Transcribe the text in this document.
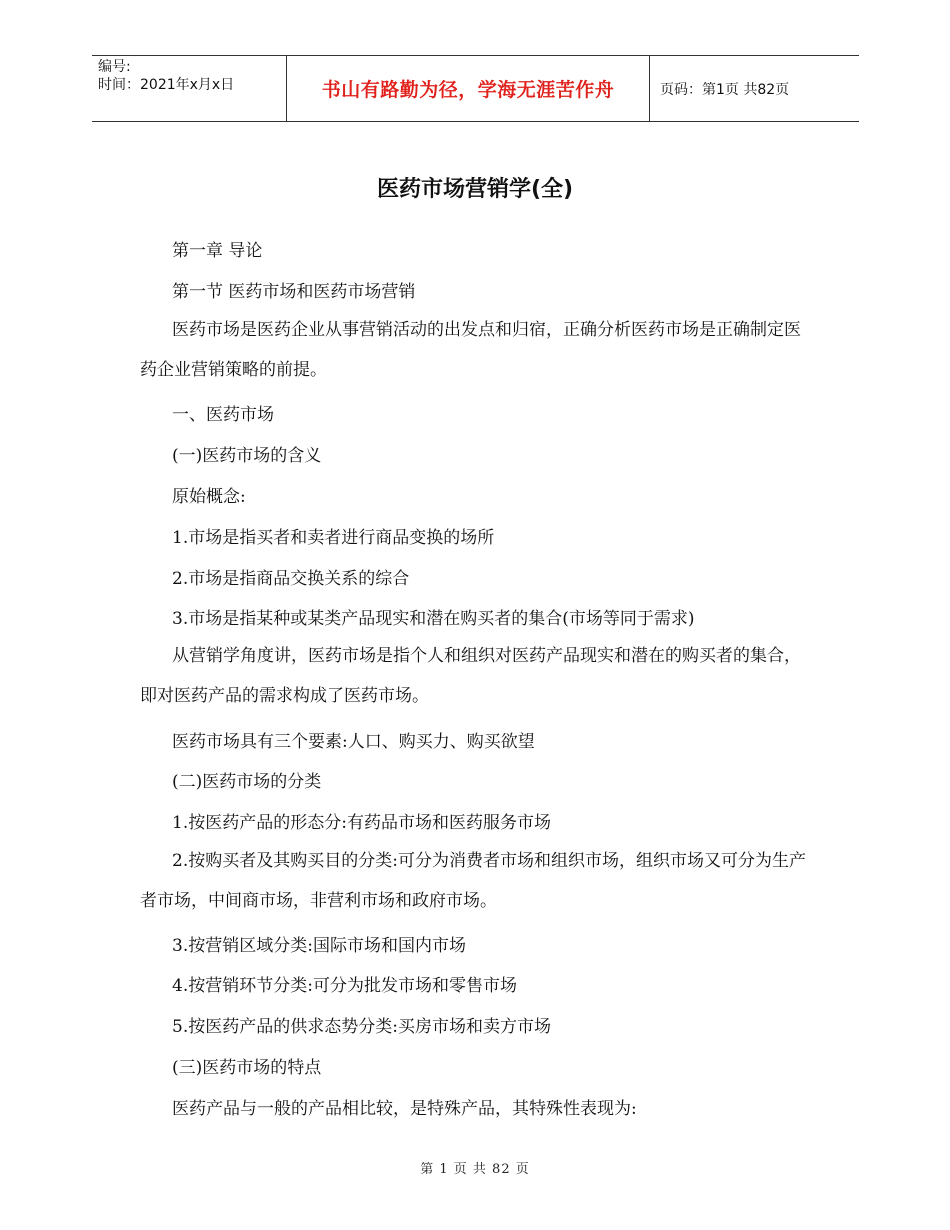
编号:
时间：2021年x月x日	书山有路勤为径，学海无涯苦作舟	页码：第1页 共82页
医药市场营销学(全)
第一章 导论
第一节 医药市场和医药市场营销
医药市场是医药企业从事营销活动的出发点和归宿，正确分析医药市场是正确制定医药企业营销策略的前提。
一、医药市场
(一)医药市场的含义
原始概念:
1.市场是指买者和卖者进行商品变换的场所
2.市场是指商品交换关系的综合
3.市场是指某种或某类产品现实和潜在购买者的集合(市场等同于需求)
从营销学角度讲，医药市场是指个人和组织对医药产品现实和潜在的购买者的集合，即对医药产品的需求构成了医药市场。
医药市场具有三个要素:人口、购买力、购买欲望
(二)医药市场的分类
1.按医药产品的形态分:有药品市场和医药服务市场
2.按购买者及其购买目的分类:可分为消费者市场和组织市场，组织市场又可分为生产者市场，中间商市场，非营利市场和政府市场。
3.按营销区域分类:国际市场和国内市场
4.按营销环节分类:可分为批发市场和零售市场
5.按医药产品的供求态势分类:买房市场和卖方市场
(三)医药市场的特点
医药产品与一般的产品相比较，是特殊产品，其特殊性表现为:
第 1 页 共 82 页
